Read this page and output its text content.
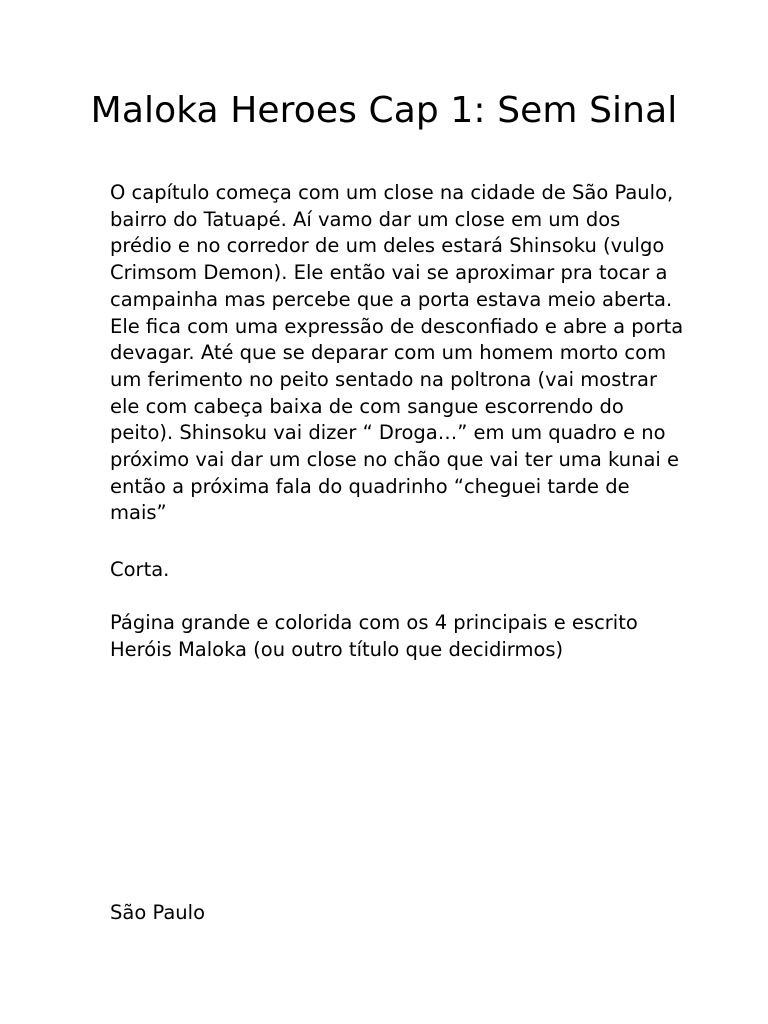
Maloka Heroes Cap 1: Sem Sinal

O capítulo começa com um close na cidade de São Paulo,
bairro do Tatuapé. Aí vamo dar um close em um dos
prédio e no corredor de um deles estará Shinsoku (vulgo
Crimsom Demon). Ele então vai se aproximar pra tocar a
campainha mas percebe que a porta estava meio aberta.
Ele fica com uma expressão de desconfiado e abre a porta
devagar. Até que se deparar com um homem morto com
um ferimento no peito sentado na poltrona (vai mostrar
ele com cabeça baixa de com sangue escorrendo do
peito). Shinsoku vai dizer “ Droga…” em um quadro e no
próximo vai dar um close no chão que vai ter uma kunai e
então a próxima fala do quadrinho “cheguei tarde de
mais”

Corta.

Página grande e colorida com os 4 principais e escrito
Heróis Maloka (ou outro título que decidirmos)

São Paulo
